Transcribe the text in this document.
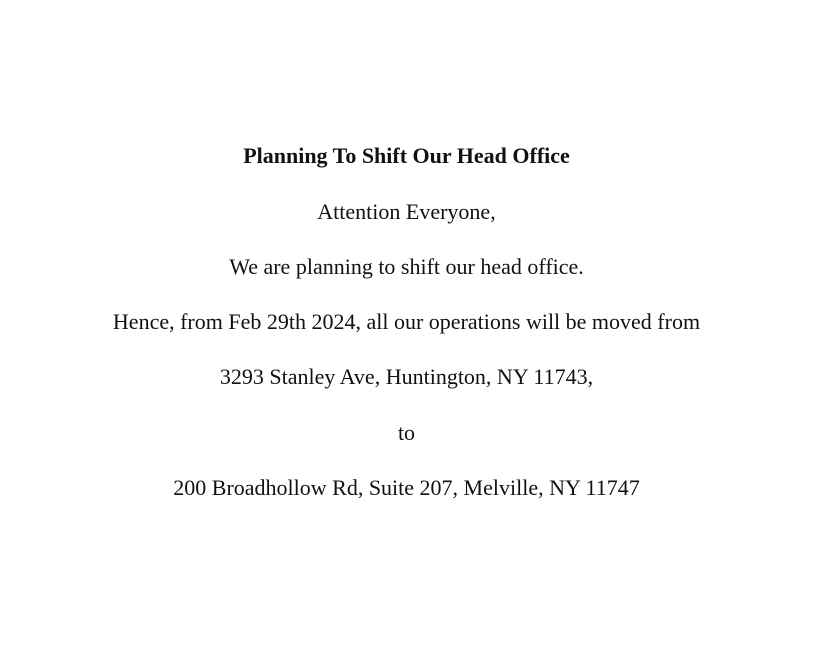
Planning To Shift Our Head Office
Attention Everyone,
We are planning to shift our head office.
Hence, from Feb 29th 2024, all our operations will be moved from
3293 Stanley Ave, Huntington, NY 11743,
to
200 Broadhollow Rd, Suite 207, Melville, NY 11747
